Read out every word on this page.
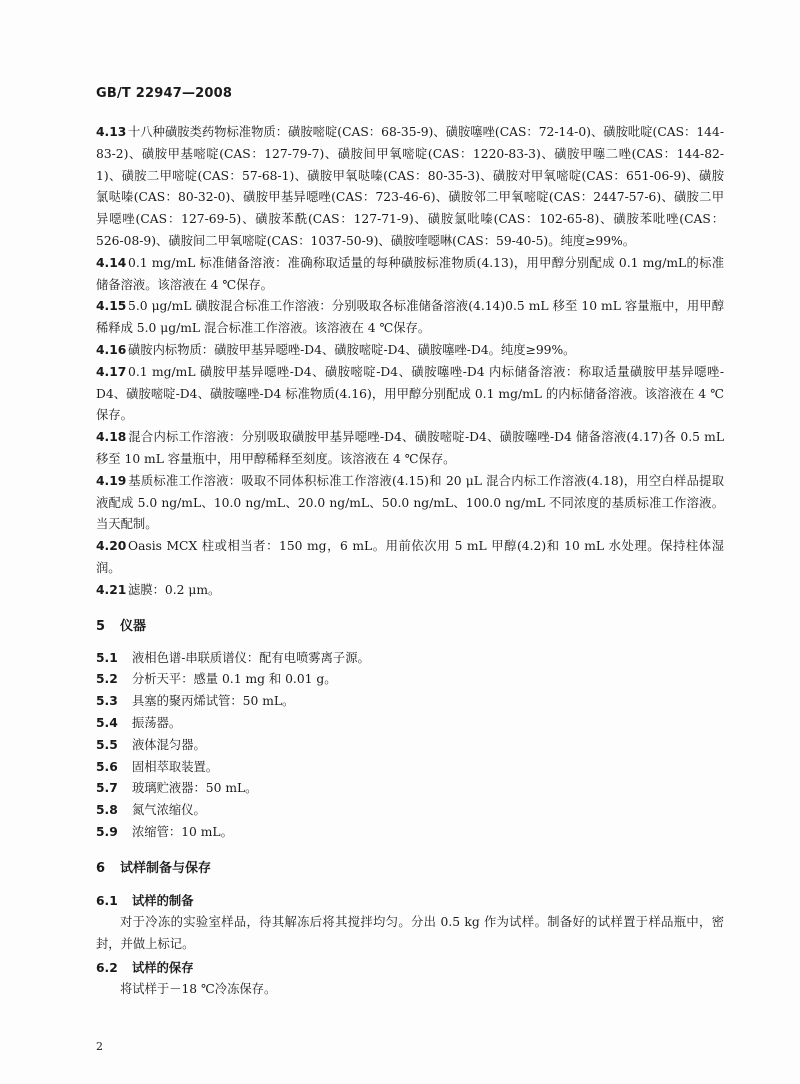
GB/T 22947—2008

4.13 十八种磺胺类药物标准物质：磺胺嘧啶(CAS：68-35-9)、磺胺噻唑(CAS：72-14-0)、磺胺吡啶(CAS：144-83-2)、磺胺甲基嘧啶(CAS：127-79-7)、磺胺间甲氧嘧啶(CAS：1220-83-3)、磺胺甲噻二唑(CAS：144-82-1)、磺胺二甲嘧啶(CAS：57-68-1)、磺胺甲氧哒嗪(CAS：80-35-3)、磺胺对甲氧嘧啶(CAS：651-06-9)、磺胺氯哒嗪(CAS：80-32-0)、磺胺甲基异噁唑(CAS：723-46-6)、磺胺邻二甲氧嘧啶(CAS：2447-57-6)、磺胺二甲异噁唑(CAS：127-69-5)、磺胺苯酰(CAS：127-71-9)、磺胺氯吡嗪(CAS：102-65-8)、磺胺苯吡唑(CAS：526-08-9)、磺胺间二甲氧嘧啶(CAS：1037-50-9)、磺胺喹噁啉(CAS：59-40-5)。纯度≥99%。

4.14 0.1 mg/mL 标准储备溶液：准确称取适量的每种磺胺标准物质(4.13)，用甲醇分别配成 0.1 mg/mL的标准储备溶液。该溶液在 4 ℃保存。

4.15 5.0 μg/mL 磺胺混合标准工作溶液：分别吸取各标准储备溶液(4.14)0.5 mL 移至 10 mL 容量瓶中，用甲醇稀释成 5.0 μg/mL 混合标准工作溶液。该溶液在 4 ℃保存。

4.16 磺胺内标物质：磺胺甲基异噁唑-D4、磺胺嘧啶-D4、磺胺噻唑-D4。纯度≥99%。

4.17 0.1 mg/mL 磺胺甲基异噁唑-D4、磺胺嘧啶-D4、磺胺噻唑-D4 内标储备溶液：称取适量磺胺甲基异噁唑-D4、磺胺嘧啶-D4、磺胺噻唑-D4 标准物质(4.16)，用甲醇分别配成 0.1 mg/mL 的内标储备溶液。该溶液在 4 ℃保存。

4.18 混合内标工作溶液：分别吸取磺胺甲基异噁唑-D4、磺胺嘧啶-D4、磺胺噻唑-D4 储备溶液(4.17)各 0.5 mL 移至 10 mL 容量瓶中，用甲醇稀释至刻度。该溶液在 4 ℃保存。

4.19 基质标准工作溶液：吸取不同体积标准工作溶液(4.15)和 20 μL 混合内标工作溶液(4.18)，用空白样品提取液配成 5.0 ng/mL、10.0 ng/mL、20.0 ng/mL、50.0 ng/mL、100.0 ng/mL 不同浓度的基质标准工作溶液。当天配制。

4.20 Oasis MCX 柱或相当者：150 mg，6 mL。用前依次用 5 mL 甲醇(4.2)和 10 mL 水处理。保持柱体湿润。

4.21 滤膜：0.2 μm。

5 仪器

5.1 液相色谱-串联质谱仪：配有电喷雾离子源。

5.2 分析天平：感量 0.1 mg 和 0.01 g。

5.3 具塞的聚丙烯试管：50 mL。

5.4 振荡器。

5.5 液体混匀器。

5.6 固相萃取装置。

5.7 玻璃贮液器：50 mL。

5.8 氮气浓缩仪。

5.9 浓缩管：10 mL。

6 试样制备与保存
6.1 试样的制备

对于冷冻的实验室样品，待其解冻后将其搅拌均匀。分出 0.5 kg 作为试样。制备好的试样置于样品瓶中，密封，并做上标记。

6.2 试样的保存

将试样于－18 ℃冷冻保存。

2
